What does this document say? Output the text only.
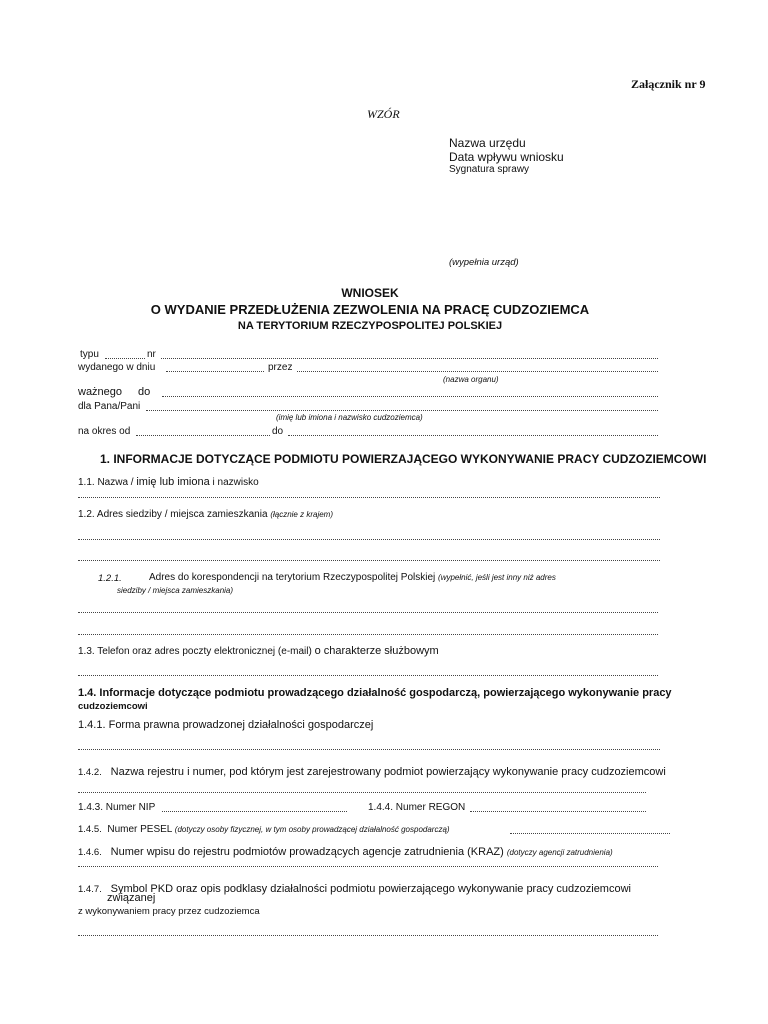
Załącznik nr 9
WZÓR
Nazwa urzędu
Data wpływu wniosku
Sygnatura sprawy
(wypełnia urząd)
WNIOSEK
O WYDANIE PRZEDŁUŻENIA ZEZWOLENIA NA PRACĘ CUDZOZIEMCA
NA TERYTORIUM RZECZYPOSPOLITEJ POLSKIEJ
typu	nr
wydanego w dniu	przez
(nazwa organu)
ważnego do
dla Pana/Pani
(imię lub imiona i nazwisko cudzoziemca)
na okres od	do
1. INFORMACJE DOTYCZĄCE PODMIOTU POWIERZAJĄCEGO WYKONYWANIE PRACY CUDZOZIEMCOWI
1.1. Nazwa / imię lub imiona i nazwisko
1.2. Adres siedziby / miejsca zamieszkania (łącznie z krajem)
1.2.1.	Adres do korespondencji na terytorium Rzeczypospolitej Polskiej (wypełnić, jeśli jest inny niż adres
siedziby / miejsca zamieszkania)
1.3. Telefon oraz adres poczty elektronicznej (e-mail) o charakterze służbowym
1.4. Informacje dotyczące podmiotu prowadzącego działalność gospodarczą, powierzającego wykonywanie pracy
cudzoziemcowi
1.4.1. Forma prawna prowadzonej działalności gospodarczej
1.4.2. Nazwa rejestru i numer, pod którym jest zarejestrowany podmiot powierzający wykonywanie pracy cudzoziemcowi
1.4.3. Numer NIP	1.4.4. Numer REGON
1.4.5. Numer PESEL (dotyczy osoby fizycznej, w tym osoby prowadzącej działalność gospodarczą)
1.4.6. Numer wpisu do rejestru podmiotów prowadzących agencje zatrudnienia (KRAZ) (dotyczy agencji zatrudnienia)
1.4.7. Symbol PKD oraz opis podklasy działalności podmiotu powierzającego wykonywanie pracy cudzoziemcowi
związanej
z wykonywaniem pracy przez cudzoziemca
